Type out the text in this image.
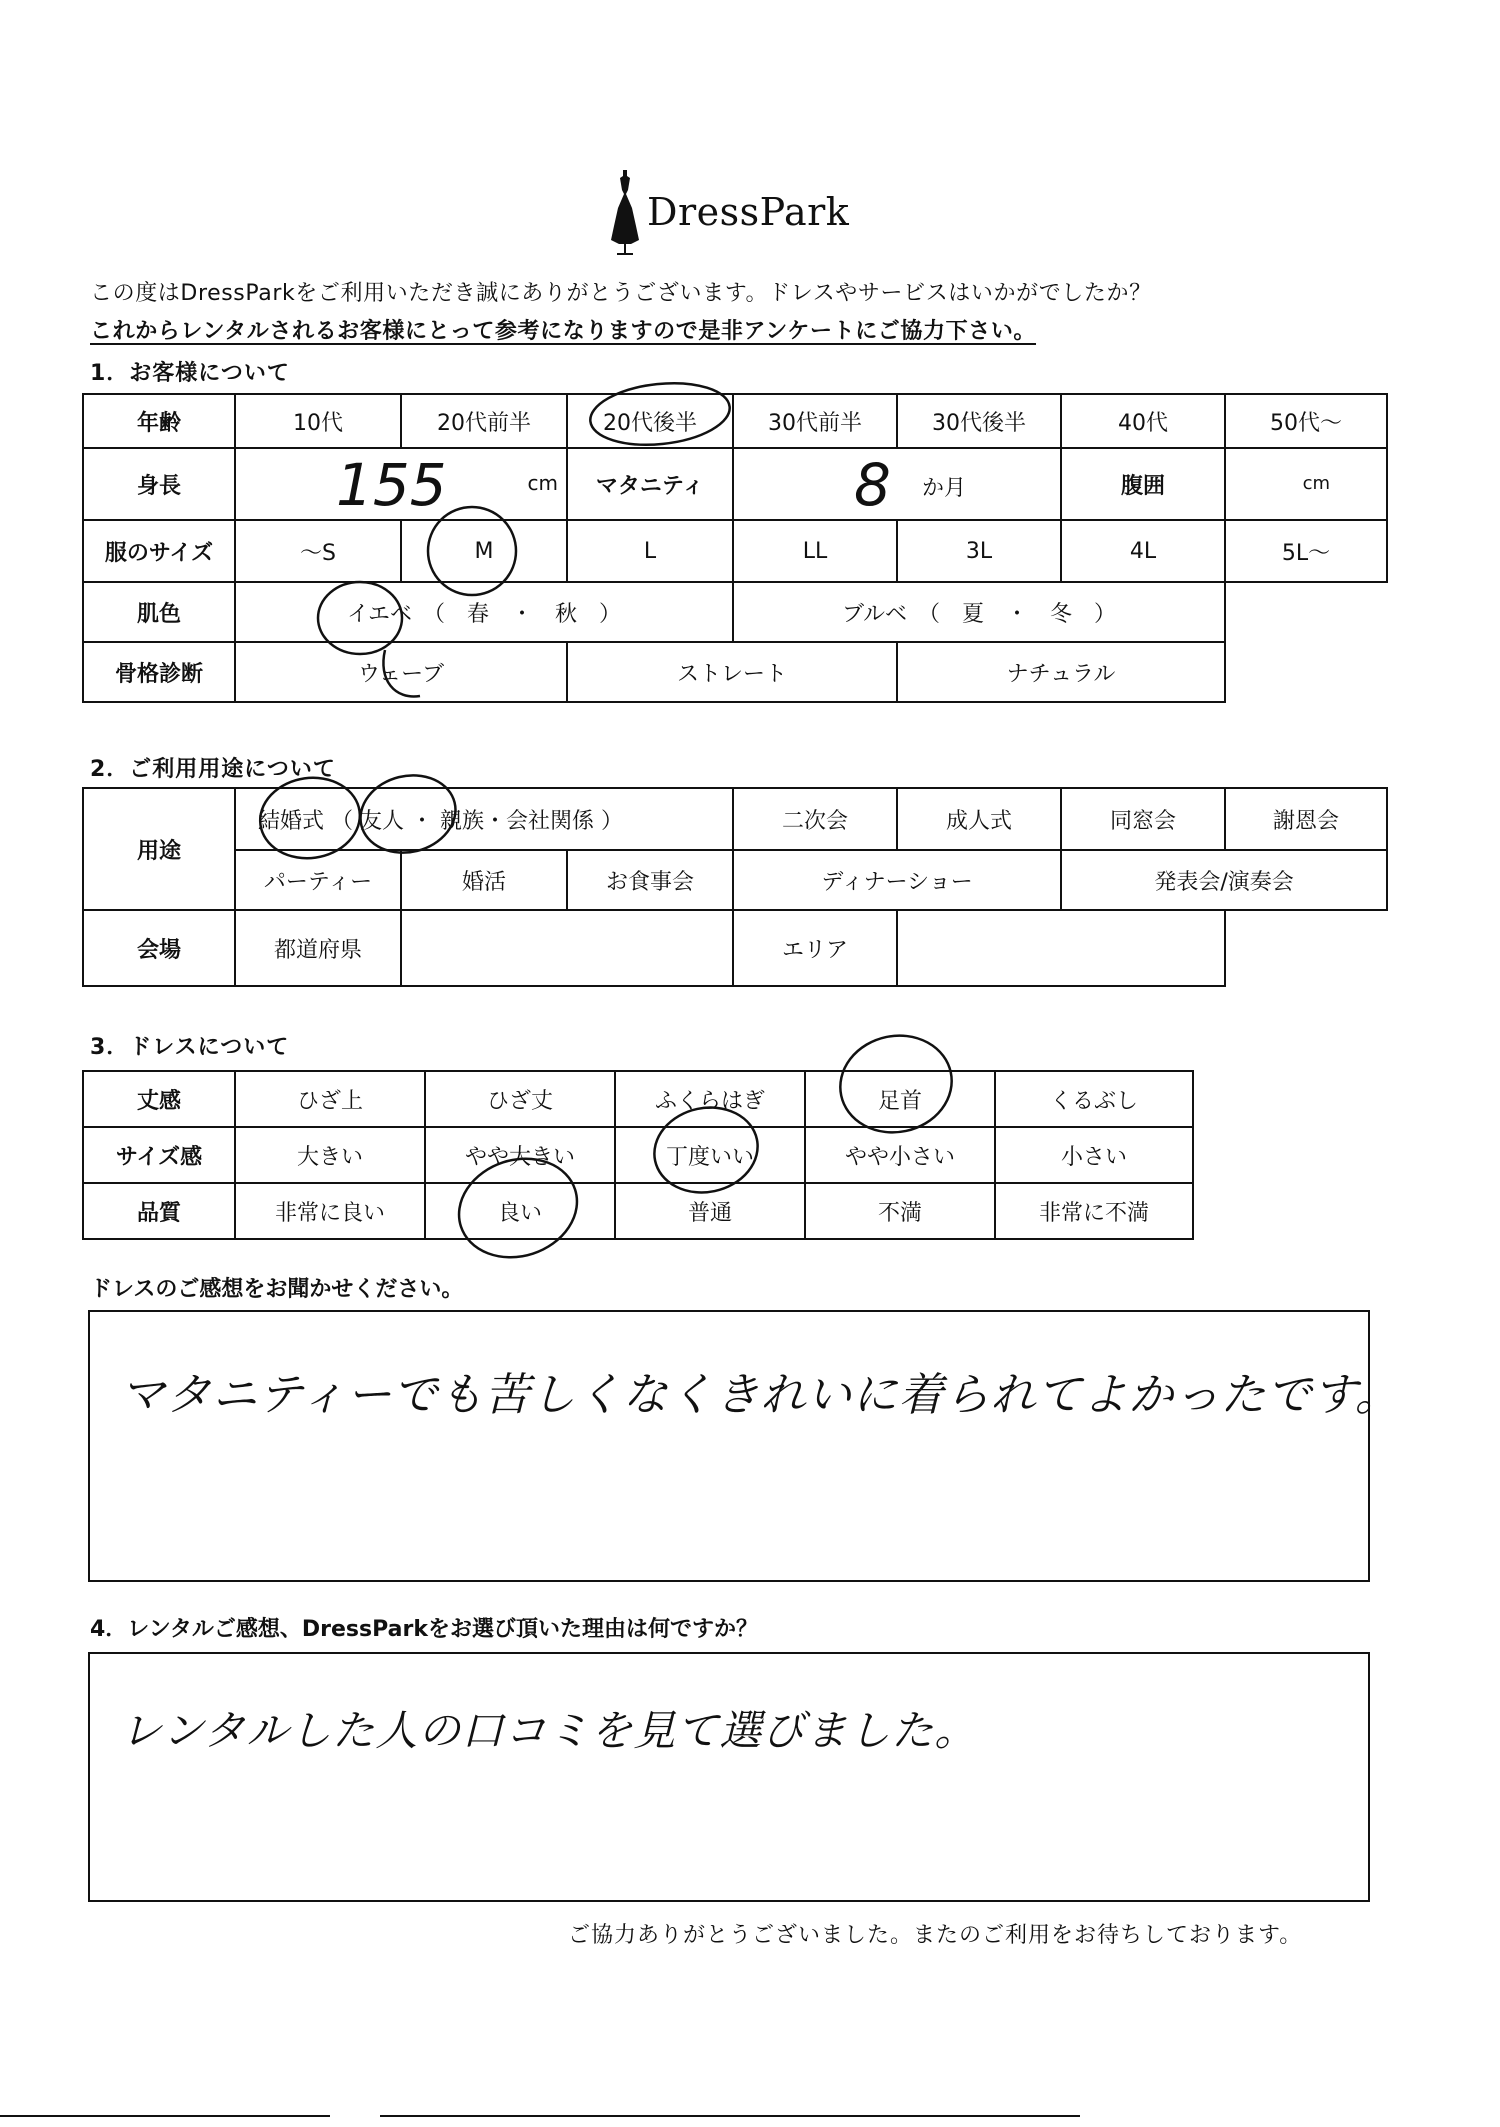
DressPark
この度はDressParkをご利用いただき誠にありがとうございます。ドレスやサービスはいかがでしたか？
これからレンタルされるお客様にとって参考になりますので是非アンケートにご協力下さい。
1．お客様について
年齢	10代	20代前半	20代後半	30代前半	30代後半	40代	50代～
身長	155 cm		マタニティ	8 か月		腹囲	cm

服のサイズ	～S	M	L	LL	3L	4L	5L～
肌色	イエベ　（　春　・　秋　）			ブルベ　（　夏　・　冬　）			
骨格診断	ウェーブ		ストレート		ナチュラル		
2．ご利用用途について
用途	結婚式 （ 友人 ・ 親族・会社関係 ）			二次会	成人式	同窓会	謝恩会
	パーティー	婚活	お食事会	ディナーショー		発表会/演奏会	
会場	都道府県			エリア			
3．ドレスについて
丈感	ひざ上	ひざ丈	ふくらはぎ	足首	くるぶし
サイズ感	大きい	やや大きい	丁度いい	やや小さい	小さい
品質	非常に良い	良い	普通	不満	非常に不満
ドレスのご感想をお聞かせください。
マタニティーでも苦しくなくきれいに着られてよかったです。
4．レンタルご感想、DressParkをお選び頂いた理由は何ですか？
レンタルした人の口コミを見て選びました。
ご協力ありがとうございました。またのご利用をお待ちしております。
